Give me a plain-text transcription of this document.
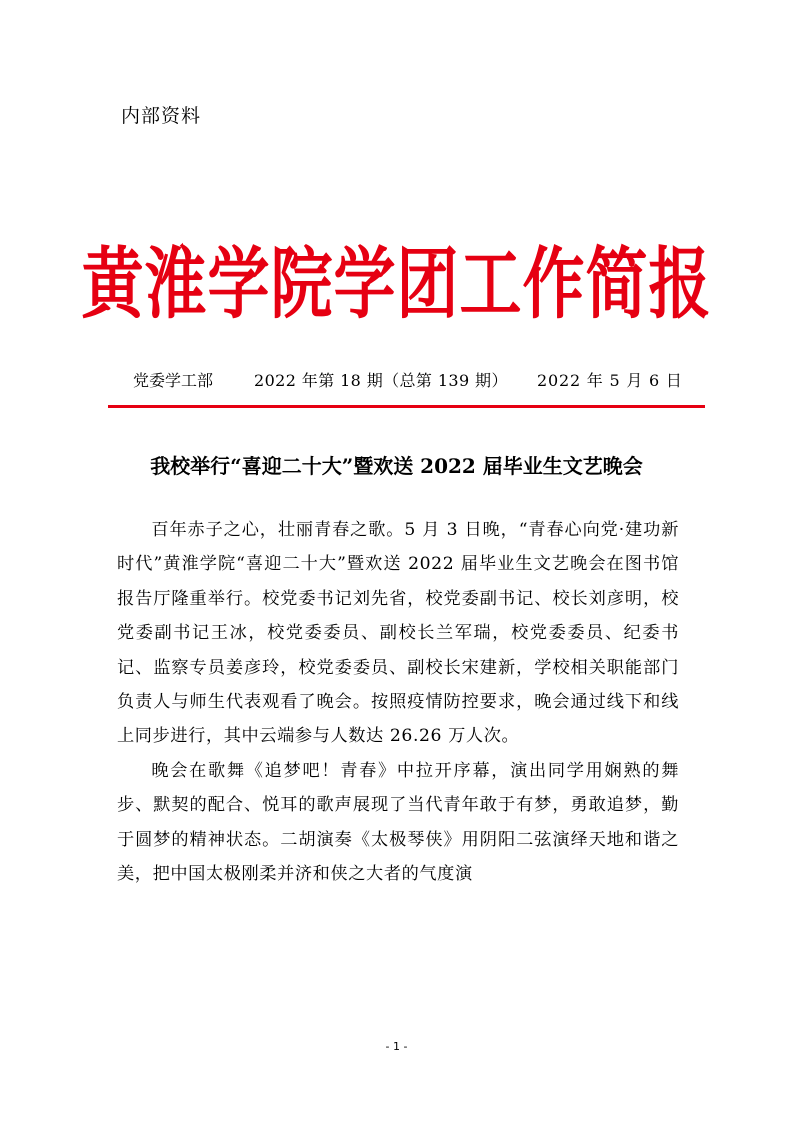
内部资料
黄淮学院学团工作简报
党委学工部	2022 年第 18 期（总第 139 期） 2022 年 5 月 6 日
我校举行“喜迎二十大”暨欢送 2022 届毕业生文艺晚会

百年赤子之心，壮丽青春之歌。5 月 3 日晚，“青春心向党·建功新时代”黄淮学院“喜迎二十大”暨欢送 2022 届毕业生文艺晚会在图书馆报告厅隆重举行。校党委书记刘先省，校党委副书记、校长刘彦明，校党委副书记王冰，校党委委员、副校长兰军瑞，校党委委员、纪委书记、监察专员姜彦玲，校党委委员、副校长宋建新，学校相关职能部门负责人与师生代表观看了晚会。按照疫情防控要求，晚会通过线下和线上同步进行，其中云端参与人数达 26.26 万人次。

晚会在歌舞《追梦吧！青春》中拉开序幕，演出同学用娴熟的舞步、默契的配合、悦耳的歌声展现了当代青年敢于有梦，勇敢追梦，勤于圆梦的精神状态。二胡演奏《太极琴侠》用阴阳二弦演绎天地和谐之美，把中国太极刚柔并济和侠之大者的气度演

- 1 -
